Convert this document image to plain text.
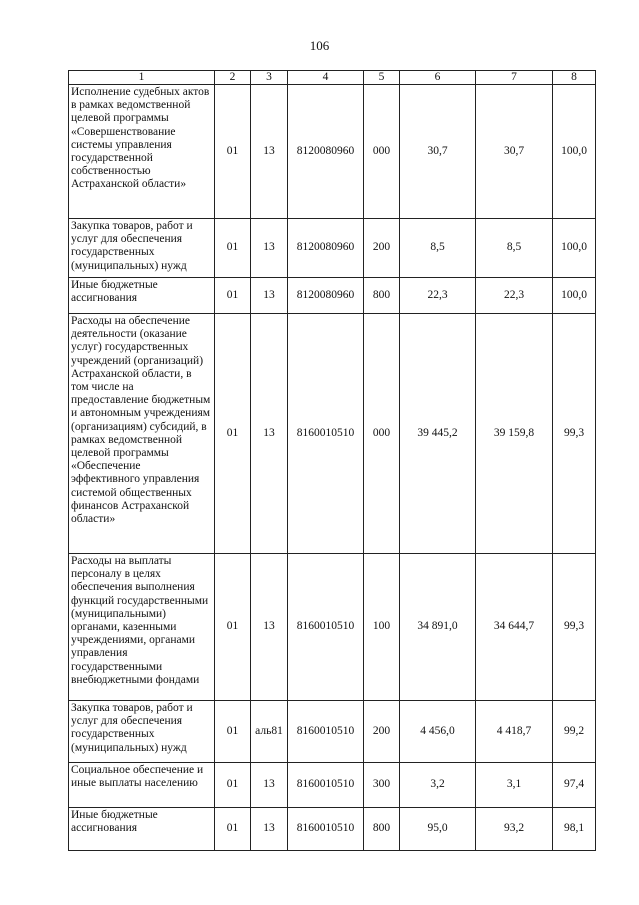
106
1	2	3	4	5	6	7	8
Исполнение судебных актов в рамках ведомственной целевой программы «Совершенствование системы управления государственной собственностью Астраханской области»	01	13	8120080960	000	30,7	30,7	100,0
Закупка товаров, работ и услуг для обеспечения государственных (муниципальных) нужд	01	13	8120080960	200	8,5	8,5	100,0
Иные бюджетные ассигнования	01	13	8120080960	800	22,3	22,3	100,0
Расходы на обеспечение деятельности (оказание услуг) государственных учреждений (организаций) Астраханской области, в том числе на предоставление бюджетным и автономным учреждениям (организациям) субсидий, в рамках ведомственной целевой программы «Обеспечение эффективного управления системой общественных финансов Астраханской области»	01	13	8160010510	000	39 445,2	39 159,8	99,3
Расходы на выплаты персоналу в целях обеспечения выполнения функций государственными (муниципальными) органами, казенными учреждениями, органами управления государственными внебюджетными фондами	01	13	8160010510	100	34 891,0	34 644,7	99,3
Закупка товаров, работ и услуг для обеспечения государственных (муниципальных) нужд	01	аль81	8160010510	200	4 456,0	4 418,7	99,2
Социальное обеспечение и иные выплаты населению	01	13	8160010510	300	3,2	3,1	97,4
Иные бюджетные ассигнования	01	13	8160010510	800	95,0	93,2	98,1
